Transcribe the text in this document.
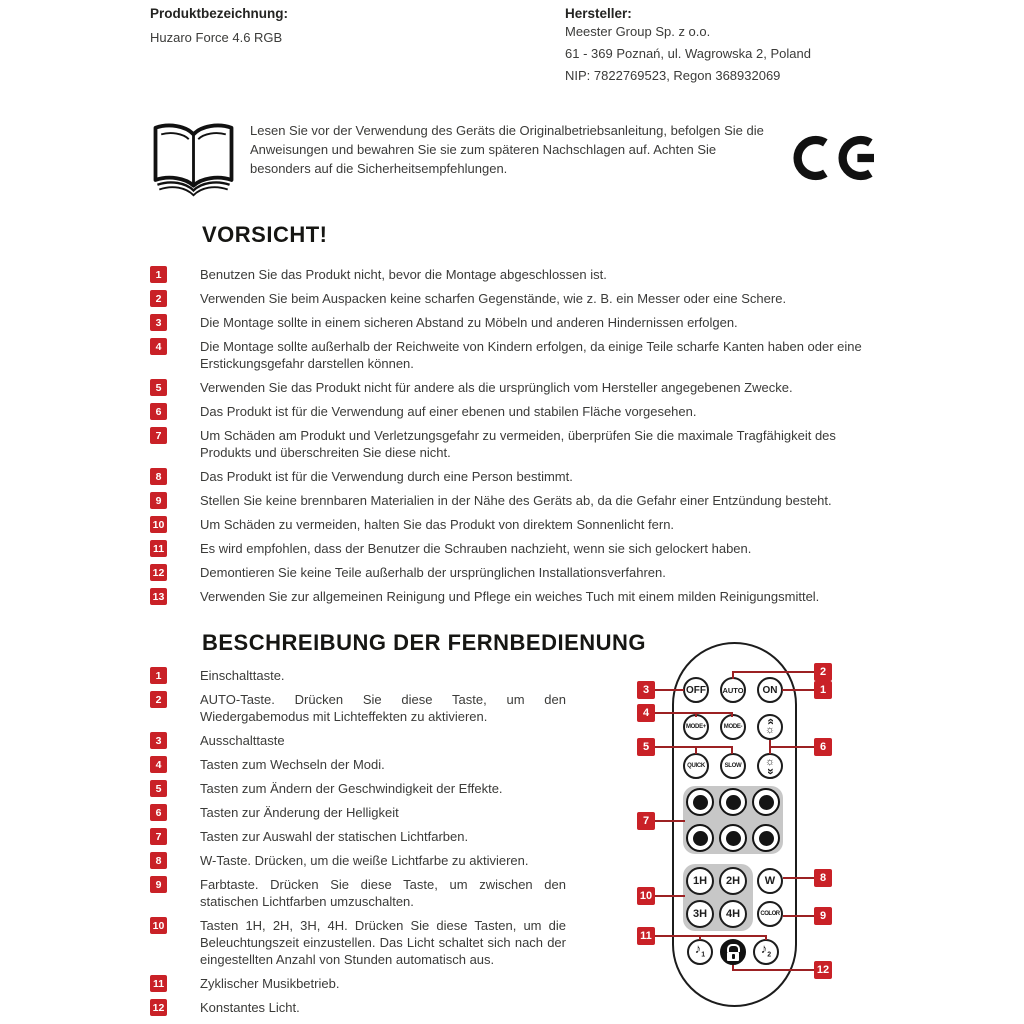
Produktbezeichnung:
Huzaro Force 4.6 RGB
Hersteller:
Meester Group Sp. z o.o.
61 - 369 Poznań, ul. Wagrowska 2, Poland
NIP: 7822769523, Regon 368932069

Lesen Sie vor der Verwendung des Geräts die Originalbetriebsanleitung, befolgen Sie die Anweisungen und bewahren Sie sie zum späteren Nachschlagen auf. Achten Sie besonders auf die Sicherheitsempfehlungen.

VORSICHT!
1	Benutzen Sie das Produkt nicht, bevor die Montage abgeschlossen ist.

2	Verwenden Sie beim Auspacken keine scharfen Gegenstände, wie z. B. ein Messer oder eine Schere.

3	Die Montage sollte in einem sicheren Abstand zu Möbeln und anderen Hindernissen erfolgen.

4	Die Montage sollte außerhalb der Reichweite von Kindern erfolgen, da einige Teile scharfe Kanten haben oder eine Erstickungsgefahr darstellen können.

5	Verwenden Sie das Produkt nicht für andere als die ursprünglich vom Hersteller angegebenen Zwecke.

6	Das Produkt ist für die Verwendung auf einer ebenen und stabilen Fläche vorgesehen.

7	Um Schäden am Produkt und Verletzungsgefahr zu vermeiden, überprüfen Sie die maximale Tragfähigkeit des Produkts und überschreiten Sie diese nicht.

8	Das Produkt ist für die Verwendung durch eine Person bestimmt.

9	Stellen Sie keine brennbaren Materialien in der Nähe des Geräts ab, da die Gefahr einer Entzündung besteht.

10	Um Schäden zu vermeiden, halten Sie das Produkt von direktem Sonnenlicht fern.

11	Es wird empfohlen, dass der Benutzer die Schrauben nachzieht, wenn sie sich gelockert haben.

12	Demontieren Sie keine Teile außerhalb der ursprünglichen Installationsverfahren.

13	Verwenden Sie zur allgemeinen Reinigung und Pflege ein weiches Tuch mit einem milden Reinigungsmittel.

BESCHREIBUNG DER FERNBEDIENUNG
1	Einschalttaste.

2	AUTO-Taste. Drücken Sie diese Taste, um den Wiedergabemodus mit Lichteffekten zu aktivieren.

3	Ausschalttaste

4	Tasten zum Wechseln der Modi.

5	Tasten zum Ändern der Geschwindigkeit der Effekte.

6	Tasten zur Änderung der Helligkeit

7	Tasten zur Auswahl der statischen Lichtfarben.

8	W-Taste. Drücken, um die weiße Lichtfarbe zu aktivieren.

9	Farbtaste. Drücken Sie diese Taste, um zwischen den statischen Lichtfarben umzuschalten.

10	Tasten 1H, 2H, 3H, 4H. Drücken Sie diese Tasten, um die Beleuchtungszeit einzustellen. Das Licht schaltet sich nach der eingestellten Anzahl von Stunden automatisch aus.

11	Zyklischer Musikbetrieb.

12	Konstantes Licht.

OFF	AUTO	ON
MODE+	MODE-
»
☼
QUICK	SLOW	☼
»
1H	2H
3H	4H
W
COLOR
$♪_1$	$♪_2$
2
3	1
4
5	6
7
8
10
9
11
12
